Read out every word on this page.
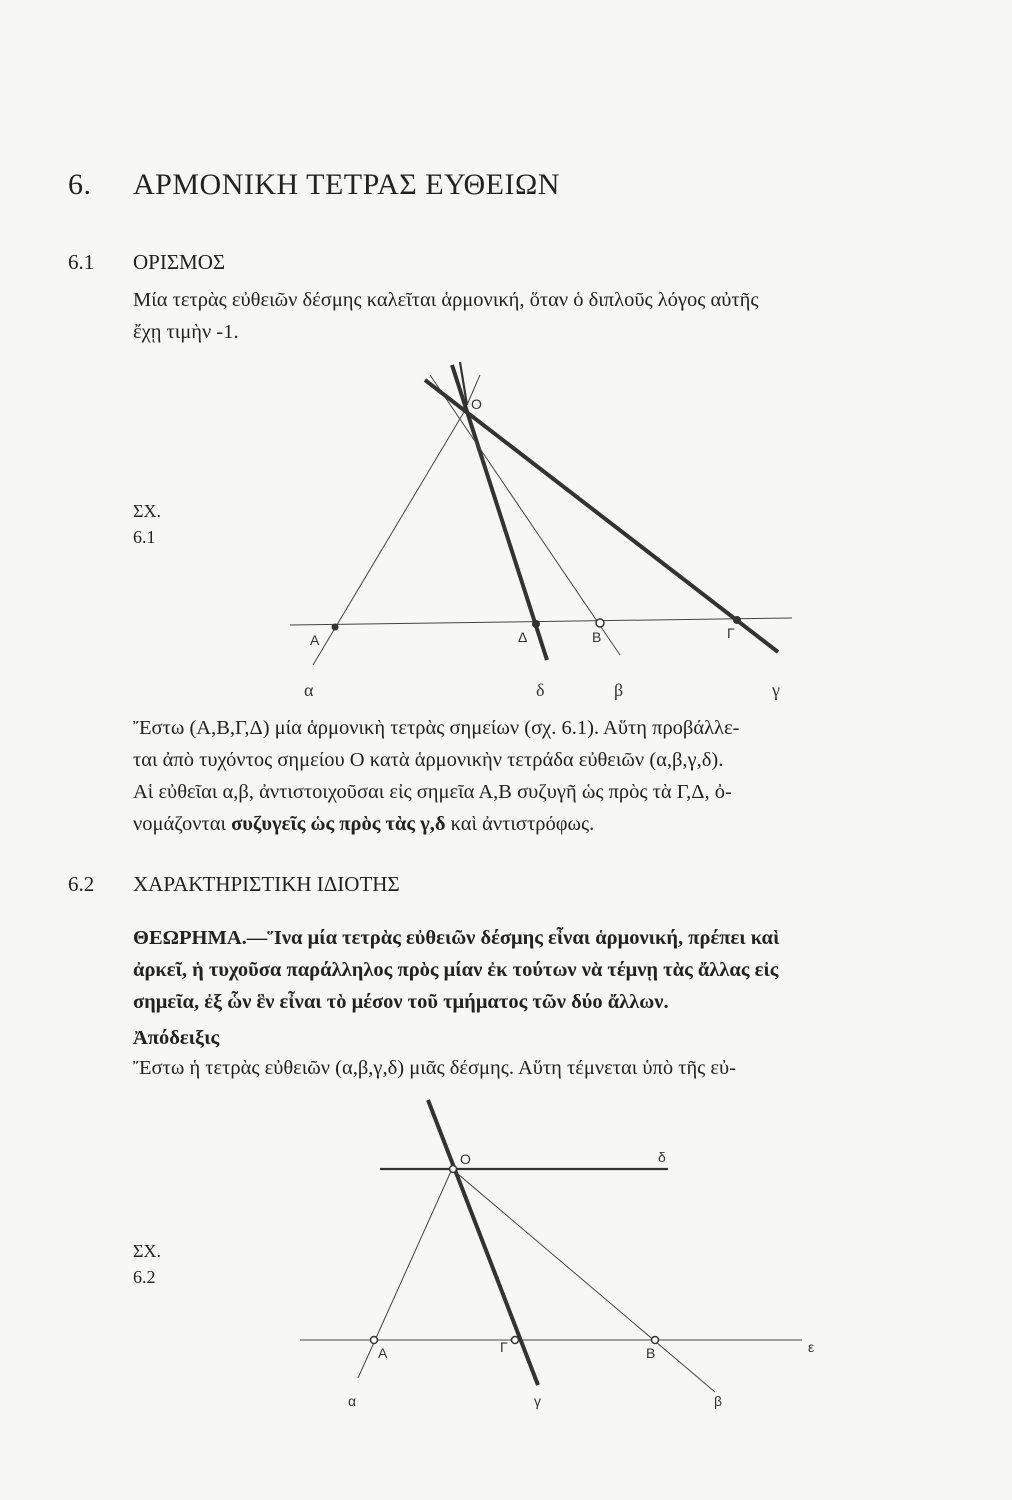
6. ΑΡΜΟΝΙΚΗ ΤΕΤΡΑΣ ΕΥΘΕΙΩΝ
6.1 ΟΡΙΣΜΟΣ
Μία τετρὰς εὐθειῶν δέσμης καλεῖται ἁρμονική, ὅταν ὁ διπλοῦς λόγος αὐτῆς
ἔχῃ τιμὴν -1.
ΣΧ.
6.1
O
A	Δ	B	Γ
α	δ	β	γ
Ἔστω (Α,Β,Γ,Δ) μία ἁρμονικὴ τετρὰς σημείων (σχ. 6.1). Αὕτη προβάλλε-
ται ἀπὸ τυχόντος σημείου Ο κατὰ ἁρμονικὴν τετράδα εὐθειῶν (α,β,γ,δ).
Αἱ εὐθεῖαι α,β, ἀντιστοιχοῦσαι εἰς σημεῖα Α,Β συζυγῆ ὡς πρὸς τὰ Γ,Δ, ὀ-
νομάζονται συζυγεῖς ὡς πρὸς τὰς γ,δ καὶ ἀντιστρόφως.
6.2 ΧΑΡΑΚΤΗΡΙΣΤΙΚΗ ΙΔΙΟΤΗΣ
ΘΕΩΡΗΜΑ.—Ἵνα μία τετρὰς εὐθειῶν δέσμης εἶναι ἁρμονική, πρέπει καὶ
ἀρκεῖ, ἡ τυχοῦσα παράλληλος πρὸς μίαν ἐκ τούτων νὰ τέμνῃ τὰς ἄλλας εἰς
σημεῖα, ἐξ ὧν ἓν εἶναι τὸ μέσον τοῦ τμήματος τῶν δύο ἄλλων.
Ἀπόδειξις
Ἔστω ἡ τετρὰς εὐθειῶν (α,β,γ,δ) μιᾶς δέσμης. Αὕτη τέμνεται ὑπὸ τῆς εὐ-
ΣΧ.
6.2
O	δ
A	Γ	B	ε
α	γ	β
